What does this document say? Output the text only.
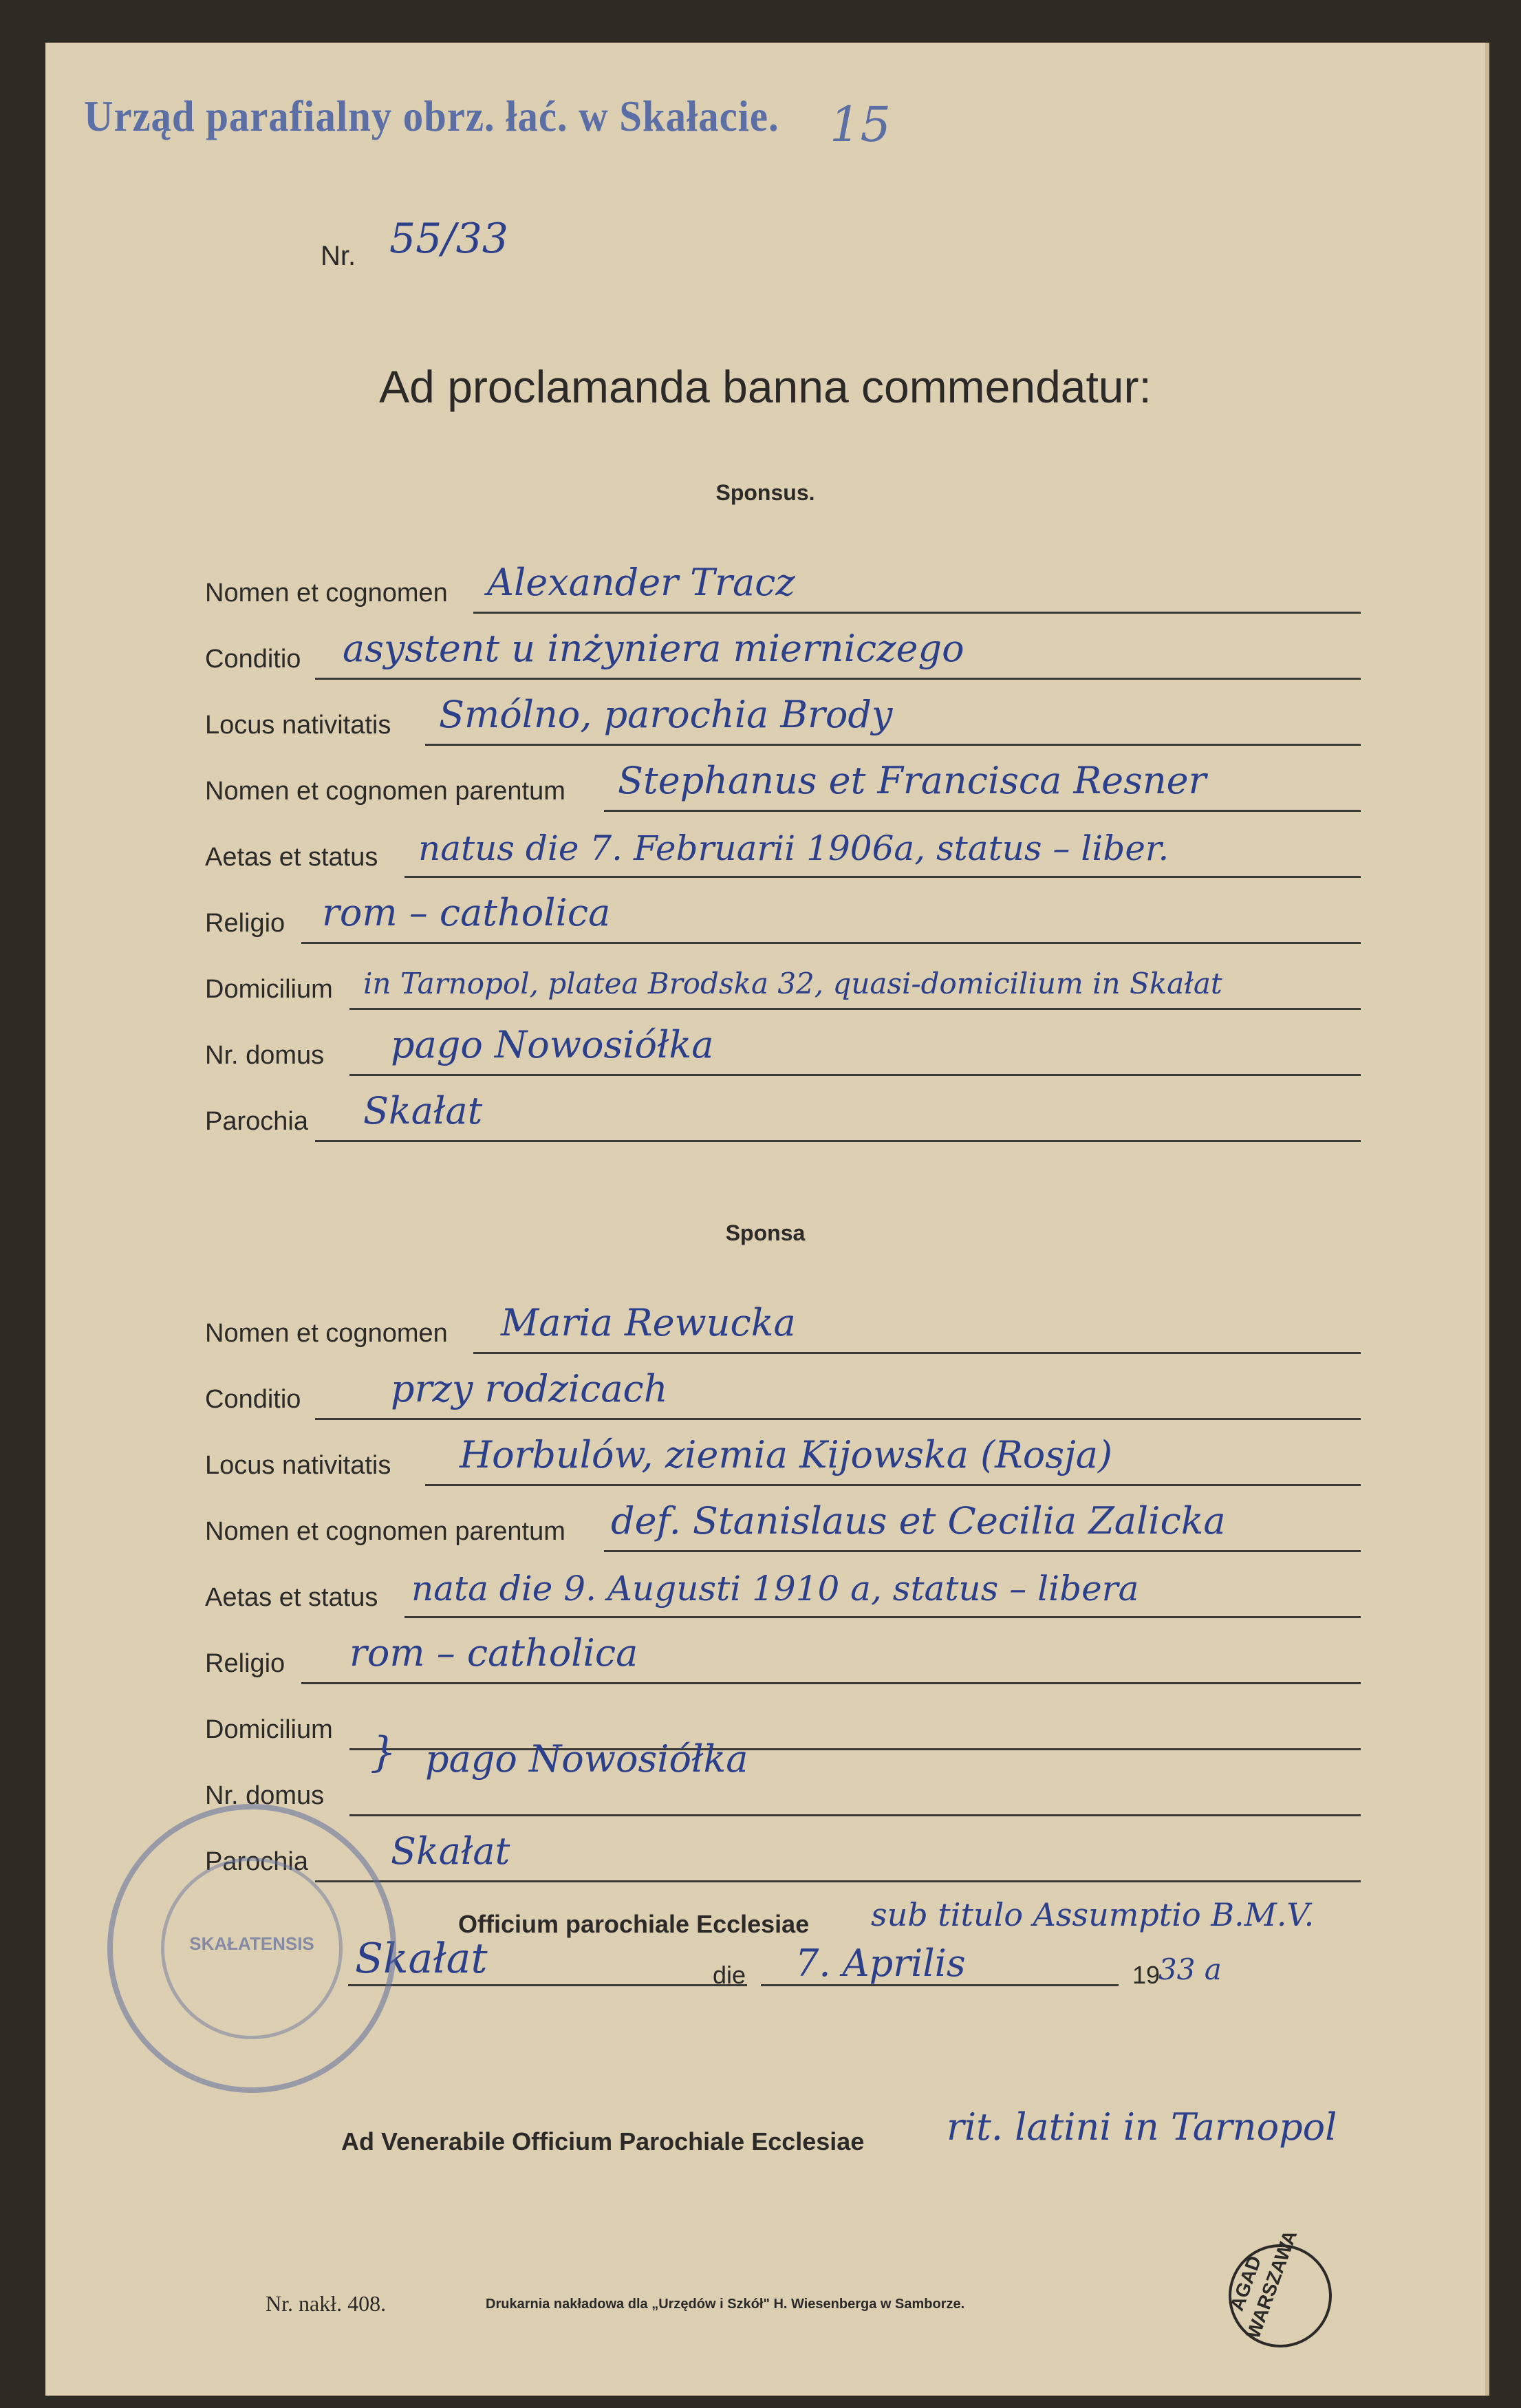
Urząd parafialny obrz. łać. w Skałacie. 15
Nr. 55/33
Ad proclamanda banna commendatur:
Sponsus.
Nomen et cognomen Alexander Tracz
Conditio asystent u inżyniera mierniczego
Locus nativitatis Smólno, parochia Brody
Nomen et cognomen parentum Stephanus et Francisca Resner
Aetas et status natus die 7. Februarii 1906a, status – liber.
Religio rom – catholica
Domicilium in Tarnopol, platea Brodska 32, quasi-domicilium in Skałat
Nr. domus pago Nowosiółka
Parochia Skałat
Sponsa
Nomen et cognomen Maria Rewucka
Conditio przy rodzicach
Locus nativitatis Horbulów, ziemia Kijowska (Rosja)
Nomen et cognomen parentum def. Stanislaus et Cecilia Zalicka
Aetas et status nata die 9. Augusti 1910 a, status – libera
Religio rom – catholica
Domicilium
Nr. domus
} pago Nowosiółka
Parochia Skałat
Officium parochiale Ecclesiae sub titulo Assumptio B.M.V.
Skałat	die 7. Aprilis	19
33 a
SKAŁATENSIS
Ad Venerabile Officium Parochiale Ecclesiae rit. latini in Tarnopol
Nr. nakł. 408.	Drukarnia nakładowa dla „Urzędów i Szkół" H. Wiesenberga w Samborze.	AGAD WARSZAWA
